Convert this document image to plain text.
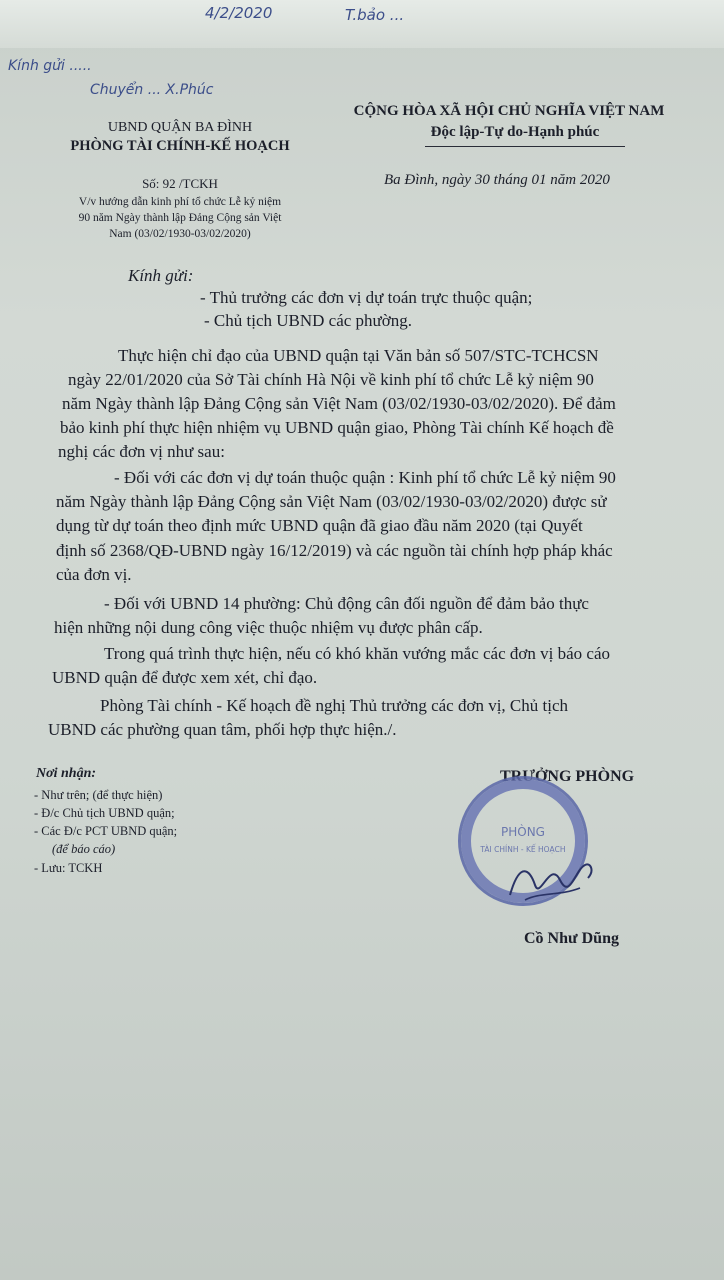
4/2/2020	T.bảo ...
Kính gửi .....
Chuyển ... X.Phúc
UBND QUẬN BA ĐÌNH
PHÒNG TÀI CHÍNH-KẾ HOẠCH
CỘNG HÒA XÃ HỘI CHỦ NGHĨA VIỆT NAM
Độc lập-Tự do-Hạnh phúc
Số: 92 /TCKH	Ba Đình, ngày 30 tháng 01 năm 2020
V/v hướng dẫn kinh phí tổ chức Lễ kỷ niệm
90 năm Ngày thành lập Đảng Cộng sản Việt
Nam (03/02/1930-03/02/2020)
Kính gửi:
- Thủ trưởng các đơn vị dự toán trực thuộc quận;
- Chủ tịch UBND các phường.
Thực hiện chỉ đạo của UBND quận tại Văn bản số 507/STC-TCHCSN
ngày 22/01/2020 của Sở Tài chính Hà Nội về kinh phí tổ chức Lễ kỷ niệm 90
năm Ngày thành lập Đảng Cộng sản Việt Nam (03/02/1930-03/02/2020). Để đảm
bảo kinh phí thực hiện nhiệm vụ UBND quận giao, Phòng Tài chính Kế hoạch đề
nghị các đơn vị như sau:
- Đối với các đơn vị dự toán thuộc quận : Kinh phí tổ chức Lễ kỷ niệm 90
năm Ngày thành lập Đảng Cộng sản Việt Nam (03/02/1930-03/02/2020) được sử
dụng từ dự toán theo định mức UBND quận đã giao đầu năm 2020 (tại Quyết
định số 2368/QĐ-UBND ngày 16/12/2019) và các nguồn tài chính hợp pháp khác
của đơn vị.
- Đối với UBND 14 phường: Chủ động cân đối nguồn để đảm bảo thực
hiện những nội dung công việc thuộc nhiệm vụ được phân cấp.
Trong quá trình thực hiện, nếu có khó khăn vướng mắc các đơn vị báo cáo
UBND quận để được xem xét, chỉ đạo.
Phòng Tài chính - Kế hoạch đề nghị Thủ trưởng các đơn vị, Chủ tịch
UBND các phường quan tâm, phối hợp thực hiện./.
Nơi nhận:
- Như trên; (để thực hiện)
- Đ/c Chủ tịch UBND quận;
- Các Đ/c PCT UBND quận;
(để báo cáo)
- Lưu: TCKH
TRƯỞNG PHÒNG
PHÒNG
TÀI CHÍNH - KẾ HOẠCH
Cồ Như Dũng
